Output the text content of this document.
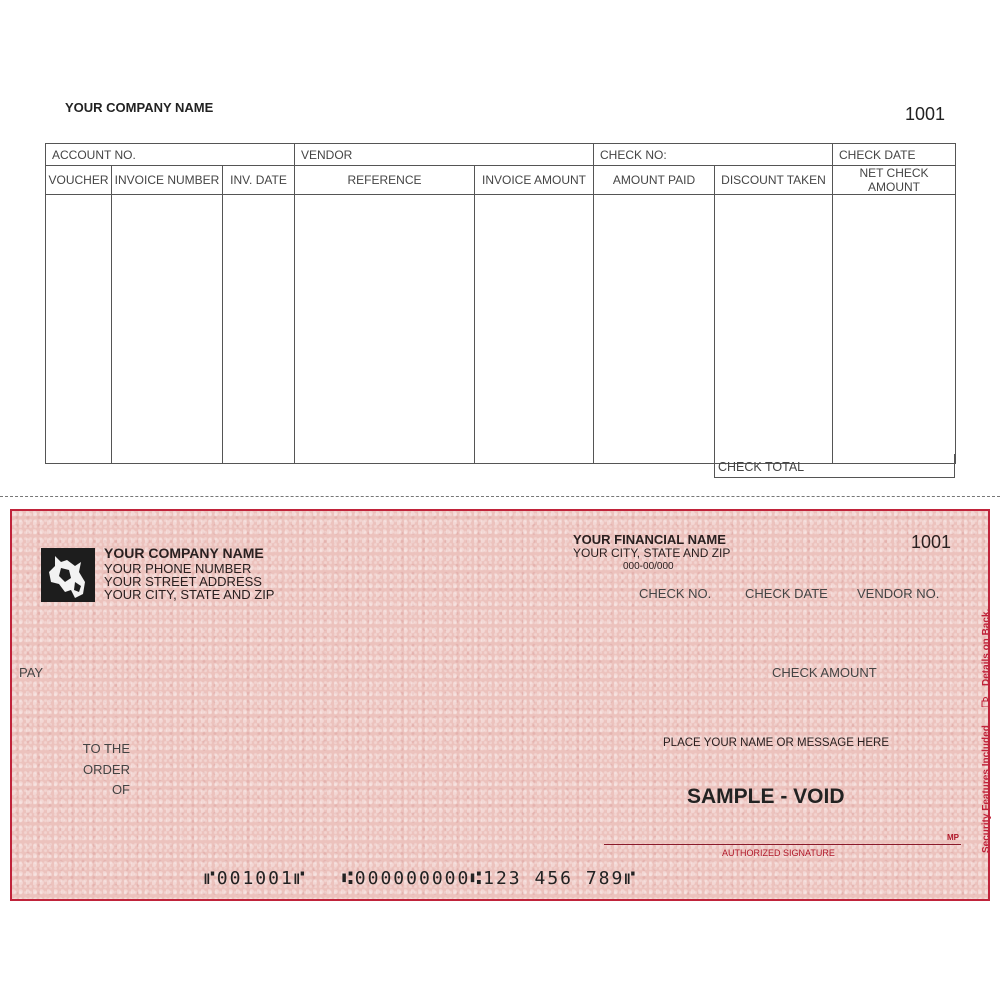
YOUR COMPANY NAME	1001
ACCOUNT NO.			VENDOR		CHECK NO:		CHECK DATE
VOUCHER	INVOICE NUMBER	INV. DATE	REFERENCE	INVOICE AMOUNT	AMOUNT PAID	DISCOUNT TAKEN	NET CHECK AMOUNT

CHECK TOTAL
YOUR COMPANY NAME
YOUR PHONE NUMBER
YOUR STREET ADDRESS
YOUR CITY, STATE AND ZIP
YOUR FINANCIAL NAME
YOUR CITY, STATE AND ZIP
000-00/000
1001
CHECK NO.	CHECK DATE VENDOR NO.
PAY	CHECK AMOUNT
TO THE
ORDER
OF
PLACE YOUR NAME OR MESSAGE HERE
SAMPLE - VOID
MP
AUTHORIZED SIGNATURE
⑈001001⑈ ⑆000000000⑆123 456 789⑈
Details on Back.
Security Features Included
